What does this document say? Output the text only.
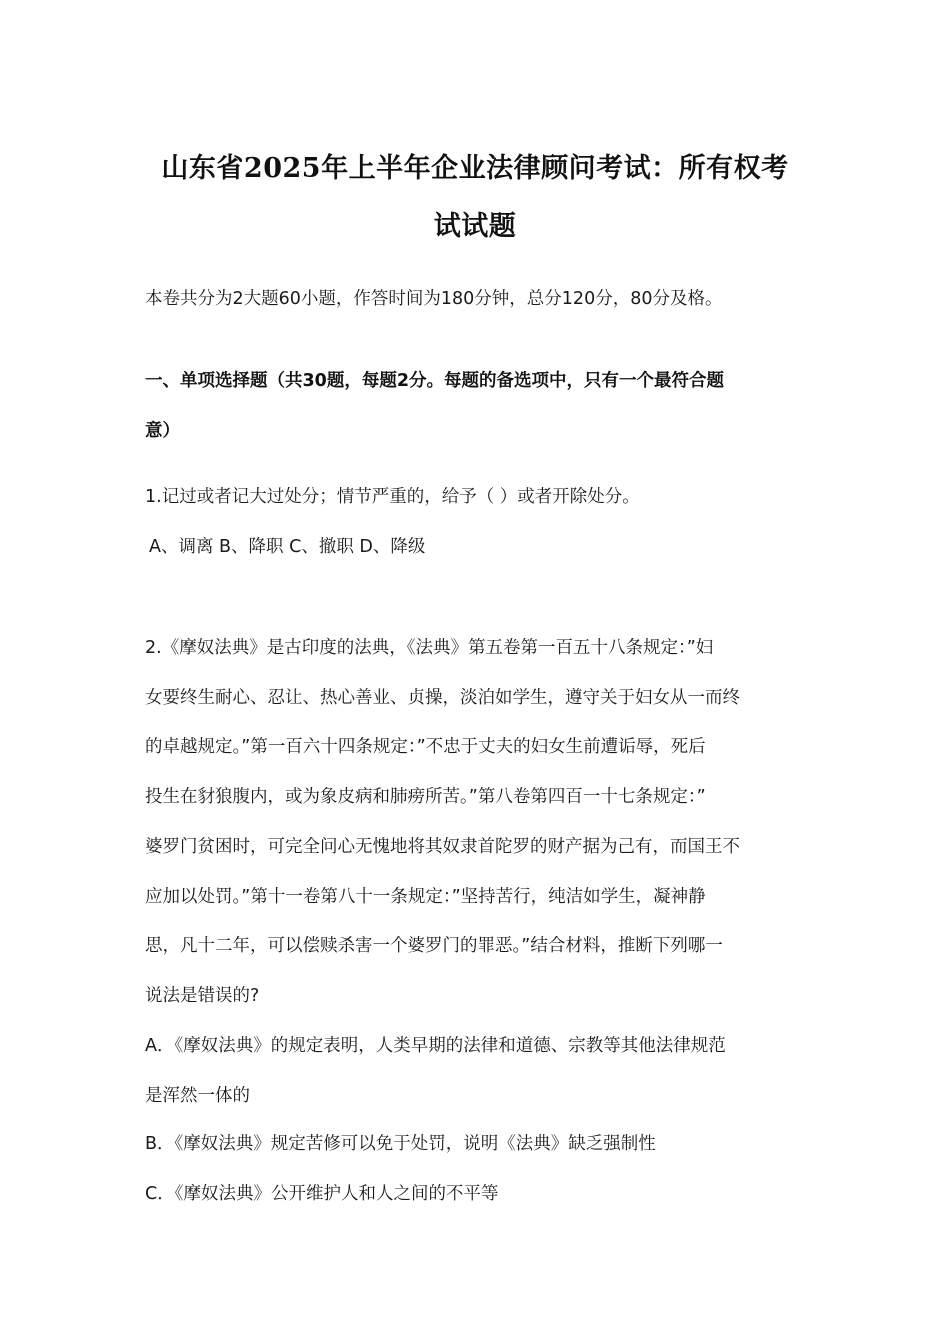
山东省2025年上半年企业法律顾问考试：所有权考
试试题
本卷共分为2大题60小题，作答时间为180分钟，总分120分，80分及格。
一、单项选择题（共30题，每题2分。每题的备选项中，只有一个最符合题
意）
1.记过或者记大过处分；情节严重的，给予（ ）或者开除处分。
A、调离 B、降职 C、撤职 D、降级
2.《摩奴法典》是古印度的法典，《法典》第五卷第一百五十八条规定：”妇
女要终生耐心、忍让、热心善业、贞操，淡泊如学生，遵守关于妇女从一而终
的卓越规定。”第一百六十四条规定：”不忠于丈夫的妇女生前遭诟辱，死后
投生在豺狼腹内，或为象皮病和肺痨所苦。”第八卷第四百一十七条规定：”
婆罗门贫困时，可完全问心无愧地将其奴隶首陀罗的财产据为己有，而国王不
应加以处罚。”第十一卷第八十一条规定：”坚持苦行，纯洁如学生，凝神静
思，凡十二年，可以偿赎杀害一个婆罗门的罪恶。”结合材料，推断下列哪一
说法是错误的?
A．《摩奴法典》的规定表明，人类早期的法律和道德、宗教等其他法律规范
是浑然一体的
B．《摩奴法典》规定苦修可以免于处罚，说明《法典》缺乏强制性
C．《摩奴法典》公开维护人和人之间的不平等
